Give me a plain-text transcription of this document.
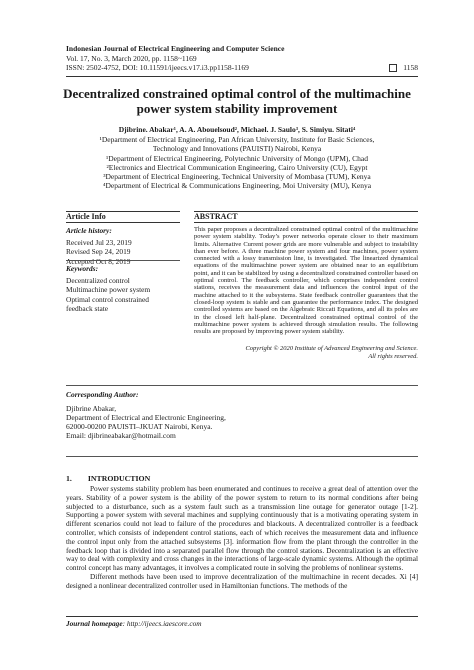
Indonesian Journal of Electrical Engineering and Computer Science
Vol. 17, No. 3, March 2020, pp. 1158~1169
ISSN: 2502-4752, DOI: 10.11591/ijeecs.v17.i3.pp1158-1169	1158
Decentralized constrained optimal control of the multimachine
power system stability improvement
Djibrine. Abakar¹, A. A. Abouelsoud², Michael. J. Saulo³, S. Simiyu. Sitati⁴
¹Department of Electrical Engineering, Pan African University, Institute for Basic Sciences,
Technology and Innovations (PAUISTI) Nairobi, Kenya
¹Department of Electrical Engineering, Polytechnic University of Mongo (UPM), Chad
²Electronics and Electrical Communication Engineering, Cairo University (CU), Egypt
³Department of Electrical Engineering, Technical University of Mombasa (TUM), Kenya
⁴Department of Electrical & Communications Engineering, Moi University (MU), Kenya
Article Info	ABSTRACT
Article history:
Received Jul 23, 2019
Revised Sep 24, 2019
Accepted Oct 8, 2019
Keywords:
Decentralized control
Multimachine power system
Optimal control constrained
feedback state
This paper proposes a decentralized constrained optimal control of the multimachine power system stability. Today’s power networks operate closer to their maximum limits. Alternative Current power grids are more vulnerable and subject to instability than ever before. A three machine power system and four machines, power system connected with a lossy transmission line, is investigated. The linearized dynamical equations of the multimachine power system are obtained near to an equilibrium point, and it can be stabilized by using a decentralized constrained controller based on optimal control. The feedback controller, which comprises independent control stations, receives the measurement data and influences the control input of the machine attached to it the subsystems. State feedback controller guarantees that the closed-loop system is stable and can guarantee the performance index. The designed controlled systems are based on the Algebraic Riccati Equations, and all its poles are in the closed left half-plane. Decentralized constrained optimal control of the multimachine power system is achieved through simulation results. The following results are proposed by improving power system stability.
Copyright © 2020 Institute of Advanced Engineering and Science.
All rights reserved.
Corresponding Author:
Djibrine Abakar,
Department of Electrical and Electronic Engineering,
62000-00200 PAUISTI–JKUAT Nairobi, Kenya.
Email: djibrineabakar@hotmail.com
1. INTRODUCTION

Power systems stability problem has been enumerated and continues to receive a great deal of attention over the years. Stability of a power system is the ability of the power system to return to its normal conditions after being subjected to a disturbance, such as a system fault such as a transmission line outage for generator outage [1-2]. Supporting a power system with several machines and supplying continuously that is a motivating operating system in different scenarios could not lead to failure of the procedures and blackouts. A decentralized controller is a feedback controller, which consists of independent control stations, each of which receives the measurement data and influence the control input only from the attached subsystems [3]. information flow from the plant through the controller in the feedback loop that is divided into a separated parallel flow through the control stations. Decentralization is an effective way to deal with complexity and cross changes in the interactions of large-scale dynamic systems. Although the optimal control concept has many advantages, it involves a complicated route in solving the problems of nonlinear systems.

Different methods have been used to improve decentralization of the multimachine in recent decades. Xi [4] designed a nonlinear decentralized controller used in Hamiltonian functions. The methods of the

Journal homepage: http://ijeecs.iaescore.com
